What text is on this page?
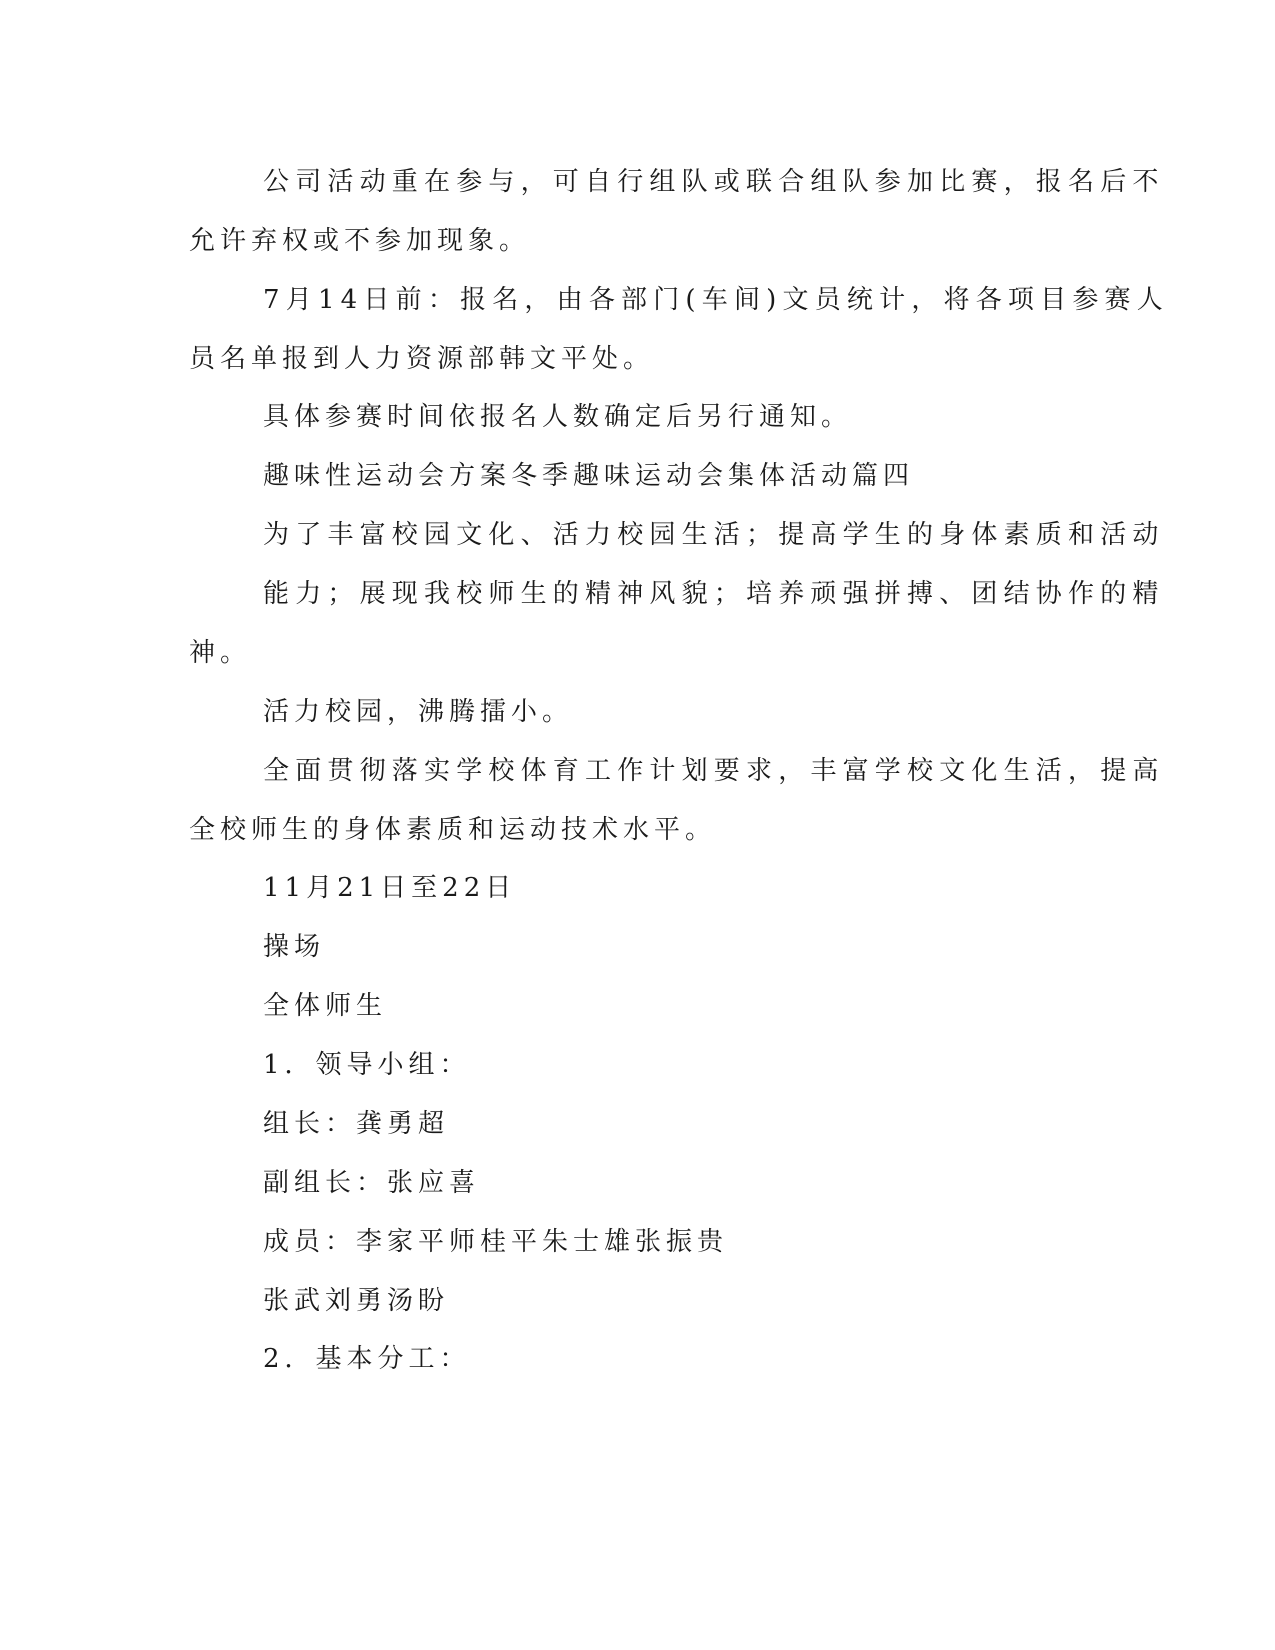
公司活动重在参与，可自行组队或联合组队参加比赛，报名后不
允许弃权或不参加现象。
7月14日前：报名，由各部门(车间)文员统计，将各项目参赛人
员名单报到人力资源部韩文平处。
具体参赛时间依报名人数确定后另行通知。
趣味性运动会方案冬季趣味运动会集体活动篇四
为了丰富校园文化、活力校园生活；提高学生的身体素质和活动
能力；展现我校师生的精神风貌；培养顽强拼搏、团结协作的精
神。
活力校园，沸腾擂小。
全面贯彻落实学校体育工作计划要求，丰富学校文化生活，提高
全校师生的身体素质和运动技术水平。
11月21日至22日
操场
全体师生
1．领导小组：
组长：龚勇超
副组长：张应喜
成员：李家平师桂平朱士雄张振贵
张武刘勇汤盼
2．基本分工：
